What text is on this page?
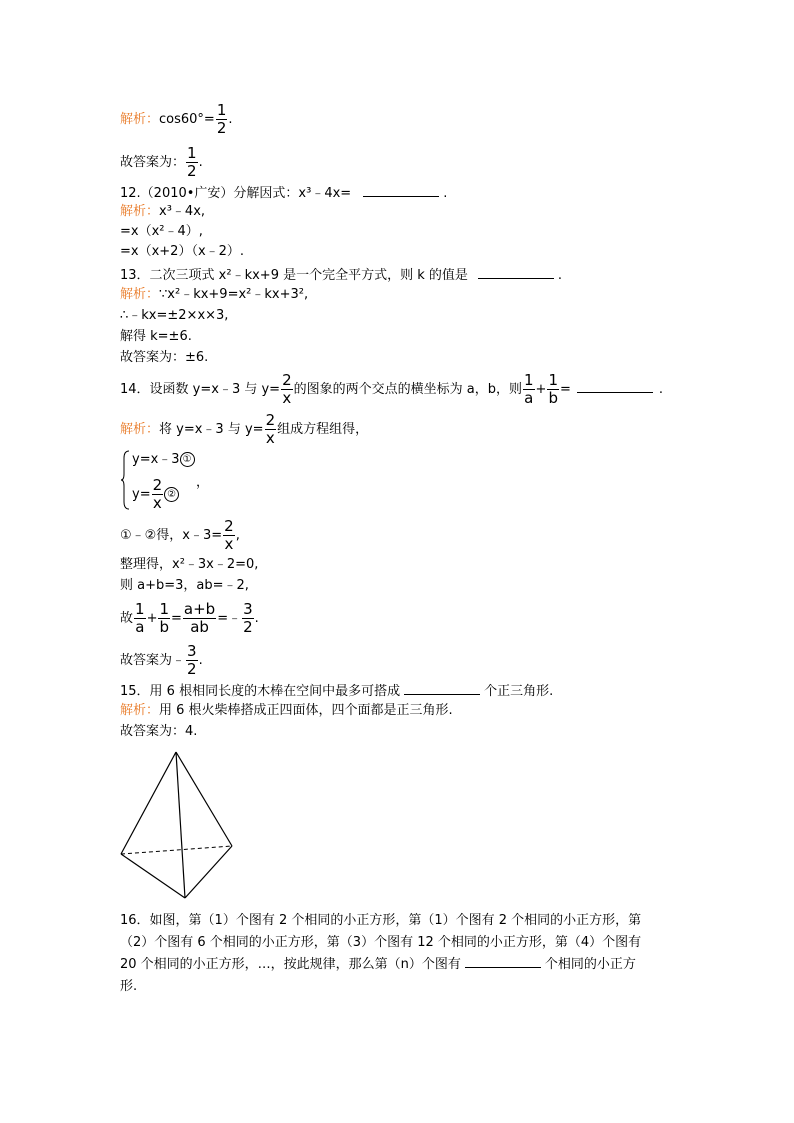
解析：$\cos 60^\circ= \frac{1}{2}$ .
故答案为： $\frac{1}{2}$ .
12.（2010•广安）分解因式：x³﹣4x=	.
解析：x³﹣4x,
=x（x²﹣4）,
=x（x+2）（x﹣2）.
13．二次三项式 x²﹣kx+9 是一个完全平方式，则 k 的值是	.
解析：∵x²﹣kx+9=x²﹣kx+3²,
∴﹣kx=±2×x×3,
解得 k=±6.
故答案为：±6.
14．设函数 y=x﹣3 与 $y= \frac{2}{x}$ 的图象的两个交点的横坐标为 a，b，则 $\frac{1}{a} + \frac{1}{b}$ =	.
解析：将 y=x﹣3 与 $y= \frac{2}{x}$ 组成方程组得，
y=x﹣3 ①
$y= \frac{2}{x}$ ②
，
①﹣②得，x﹣3= $\frac{2}{x}$ ,
整理得，x²﹣3x﹣2=0,
则 a+b=3，ab=﹣2,
故 $\frac{1}{a} + \frac{1}{b} = \frac{a+b}{ab}$ =﹣ $\frac{3}{2}$ .
故答案为﹣ $\frac{3}{2}$ .
15．用 6 根相同长度的木棒在空间中最多可搭成	个正三角形.
解析：用 6 根火柴棒搭成正四面体，四个面都是正三角形.
故答案为：4.
16．如图，第（1）个图有 2 个相同的小正方形，第（1）个图有 2 个相同的小正方形，第
（2）个图有 6 个相同的小正方形，第（3）个图有 12 个相同的小正方形，第（4）个图有
20 个相同的小正方形，…，按此规律，那么第（n）个图有	个相同的小正方
形.
